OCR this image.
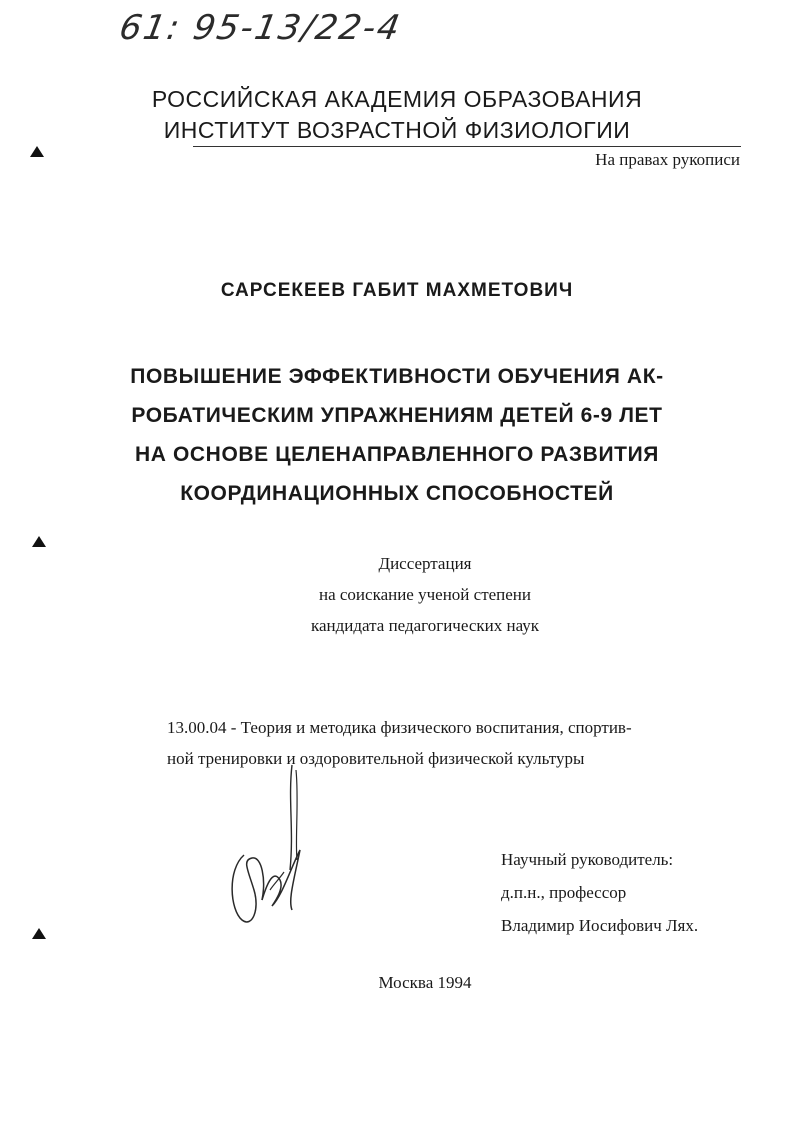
61: 95-13/22-4
РОССИЙСКАЯ АКАДЕМИЯ ОБРАЗОВАНИЯ
ИНСТИТУТ ВОЗРАСТНОЙ ФИЗИОЛОГИИ
На правах рукописи
САРСЕКЕЕВ ГАБИТ МАХМЕТОВИЧ
ПОВЫШЕНИЕ ЭФФЕКТИВНОСТИ ОБУЧЕНИЯ АК-
РОБАТИЧЕСКИМ УПРАЖНЕНИЯМ ДЕТЕЙ 6-9 ЛЕТ
НА ОСНОВЕ ЦЕЛЕНАПРАВЛЕННОГО РАЗВИТИЯ
КООРДИНАЦИОННЫХ СПОСОБНОСТЕЙ
Диссертация
на соискание ученой степени
кандидата педагогических наук
13.00.04 - Теория и методика физического воспитания, спортив-
ной тренировки и оздоровительной физической культуры
Научный руководитель:
д.п.н., профессор
Владимир Иосифович Лях.
Москва 1994
